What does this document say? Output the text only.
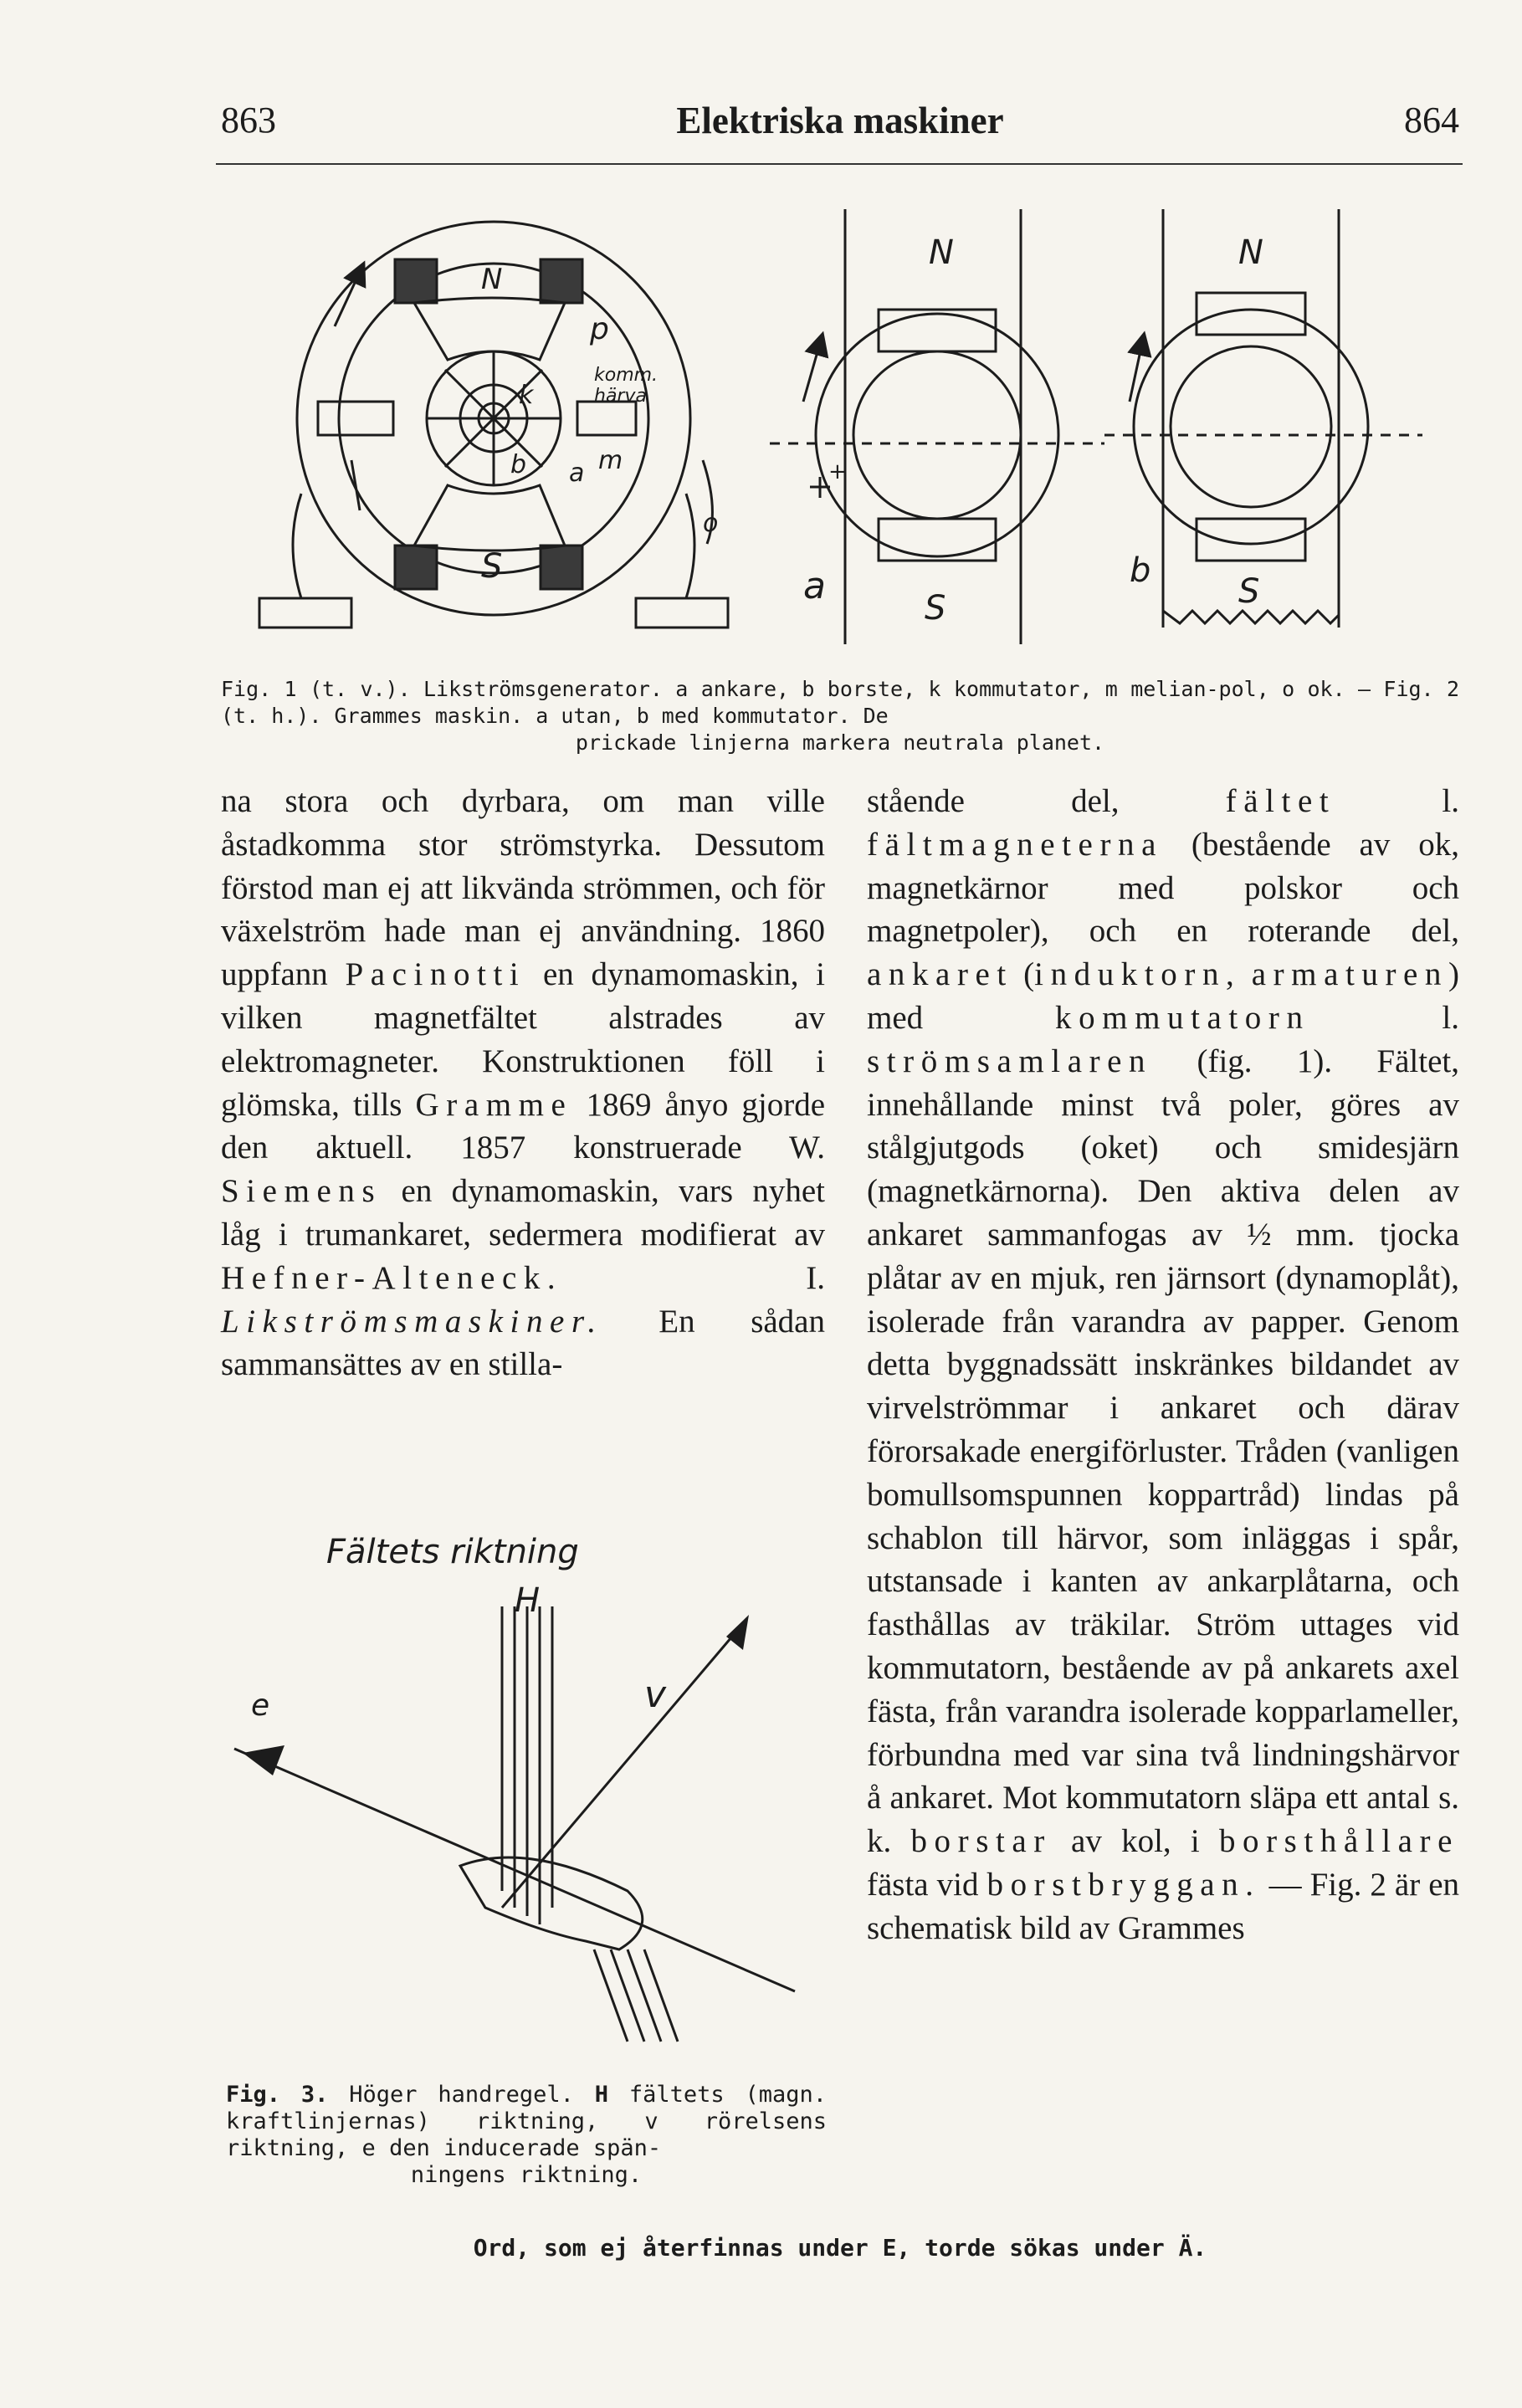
863	Elektriska maskiner	864
N
p
komm.
härva
k
b a m
o
S
N
a
S
+
b
N
S
Fig. 1 (t. v.). Likströmsgenerator. a ankare, b borste, k kommutator, m melian-pol, o ok. — Fig. 2 (t. h.). Grammes maskin. a utan, b med kommutator. De
prickade linjerna markera neutrala planet.

na stora och dyrbara, om man ville åstadkomma stor strömstyrka. Dessutom förstod man ej att likvända strömmen, och för växelström hade man ej användning. 1860 uppfann Pacinotti en dynamomaskin, i vilken magnetfältet alstrades av elektromagneter. Konstruktionen föll i glömska, tills Gramme 1869 ånyo gjorde den aktuell. 1857 konstruerade W. Siemens en dynamomaskin, vars nyhet låg i trumankaret, sedermera modifierat av Hefner-Alteneck.	I. Likströmsmaskiner. En sådan sammansättes av en stilla-

Fältets riktning
H
v
e
Fig. 3. Höger handregel. H fältets (magn. kraftlinjernas) riktning, v rörelsens riktning, e den inducerade spän-
ningens riktning.

stående del,	fältet	l. fältmagneterna (bestående av ok, magnetkärnor med polskor och magnetpoler), och en roterande del, ankaret (induktorn, armaturen) med	kommutatorn	l. strömsamlaren (fig. 1). Fältet, innehållande minst två poler, göres av stålgjutgods (oket) och smidesjärn (magnetkärnorna). Den aktiva delen av ankaret sammanfogas av ½ mm. tjocka plåtar av en mjuk, ren järnsort (dynamoplåt), isolerade från varandra av papper. Genom detta byggnadssätt inskränkes bildandet av virvelströmmar i ankaret och därav förorsakade energiförluster. Tråden (vanligen bomullsomspunnen koppartråd) lindas på schablon till härvor, som inläggas i spår, utstansade i kanten av ankarplåtarna, och fasthållas av träkilar. Ström uttages vid kommutatorn, bestående av på ankarets axel fästa, från varandra isolerade kopparlameller, förbundna med var sina två lindningshärvor å ankaret. Mot kommutatorn släpa ett antal s. k. borstar av kol, i borsthållare fästa vid borstbryggan. — Fig. 2 är en schematisk bild av Grammes

Ord, som ej återfinnas under E, torde sökas under Ä.
